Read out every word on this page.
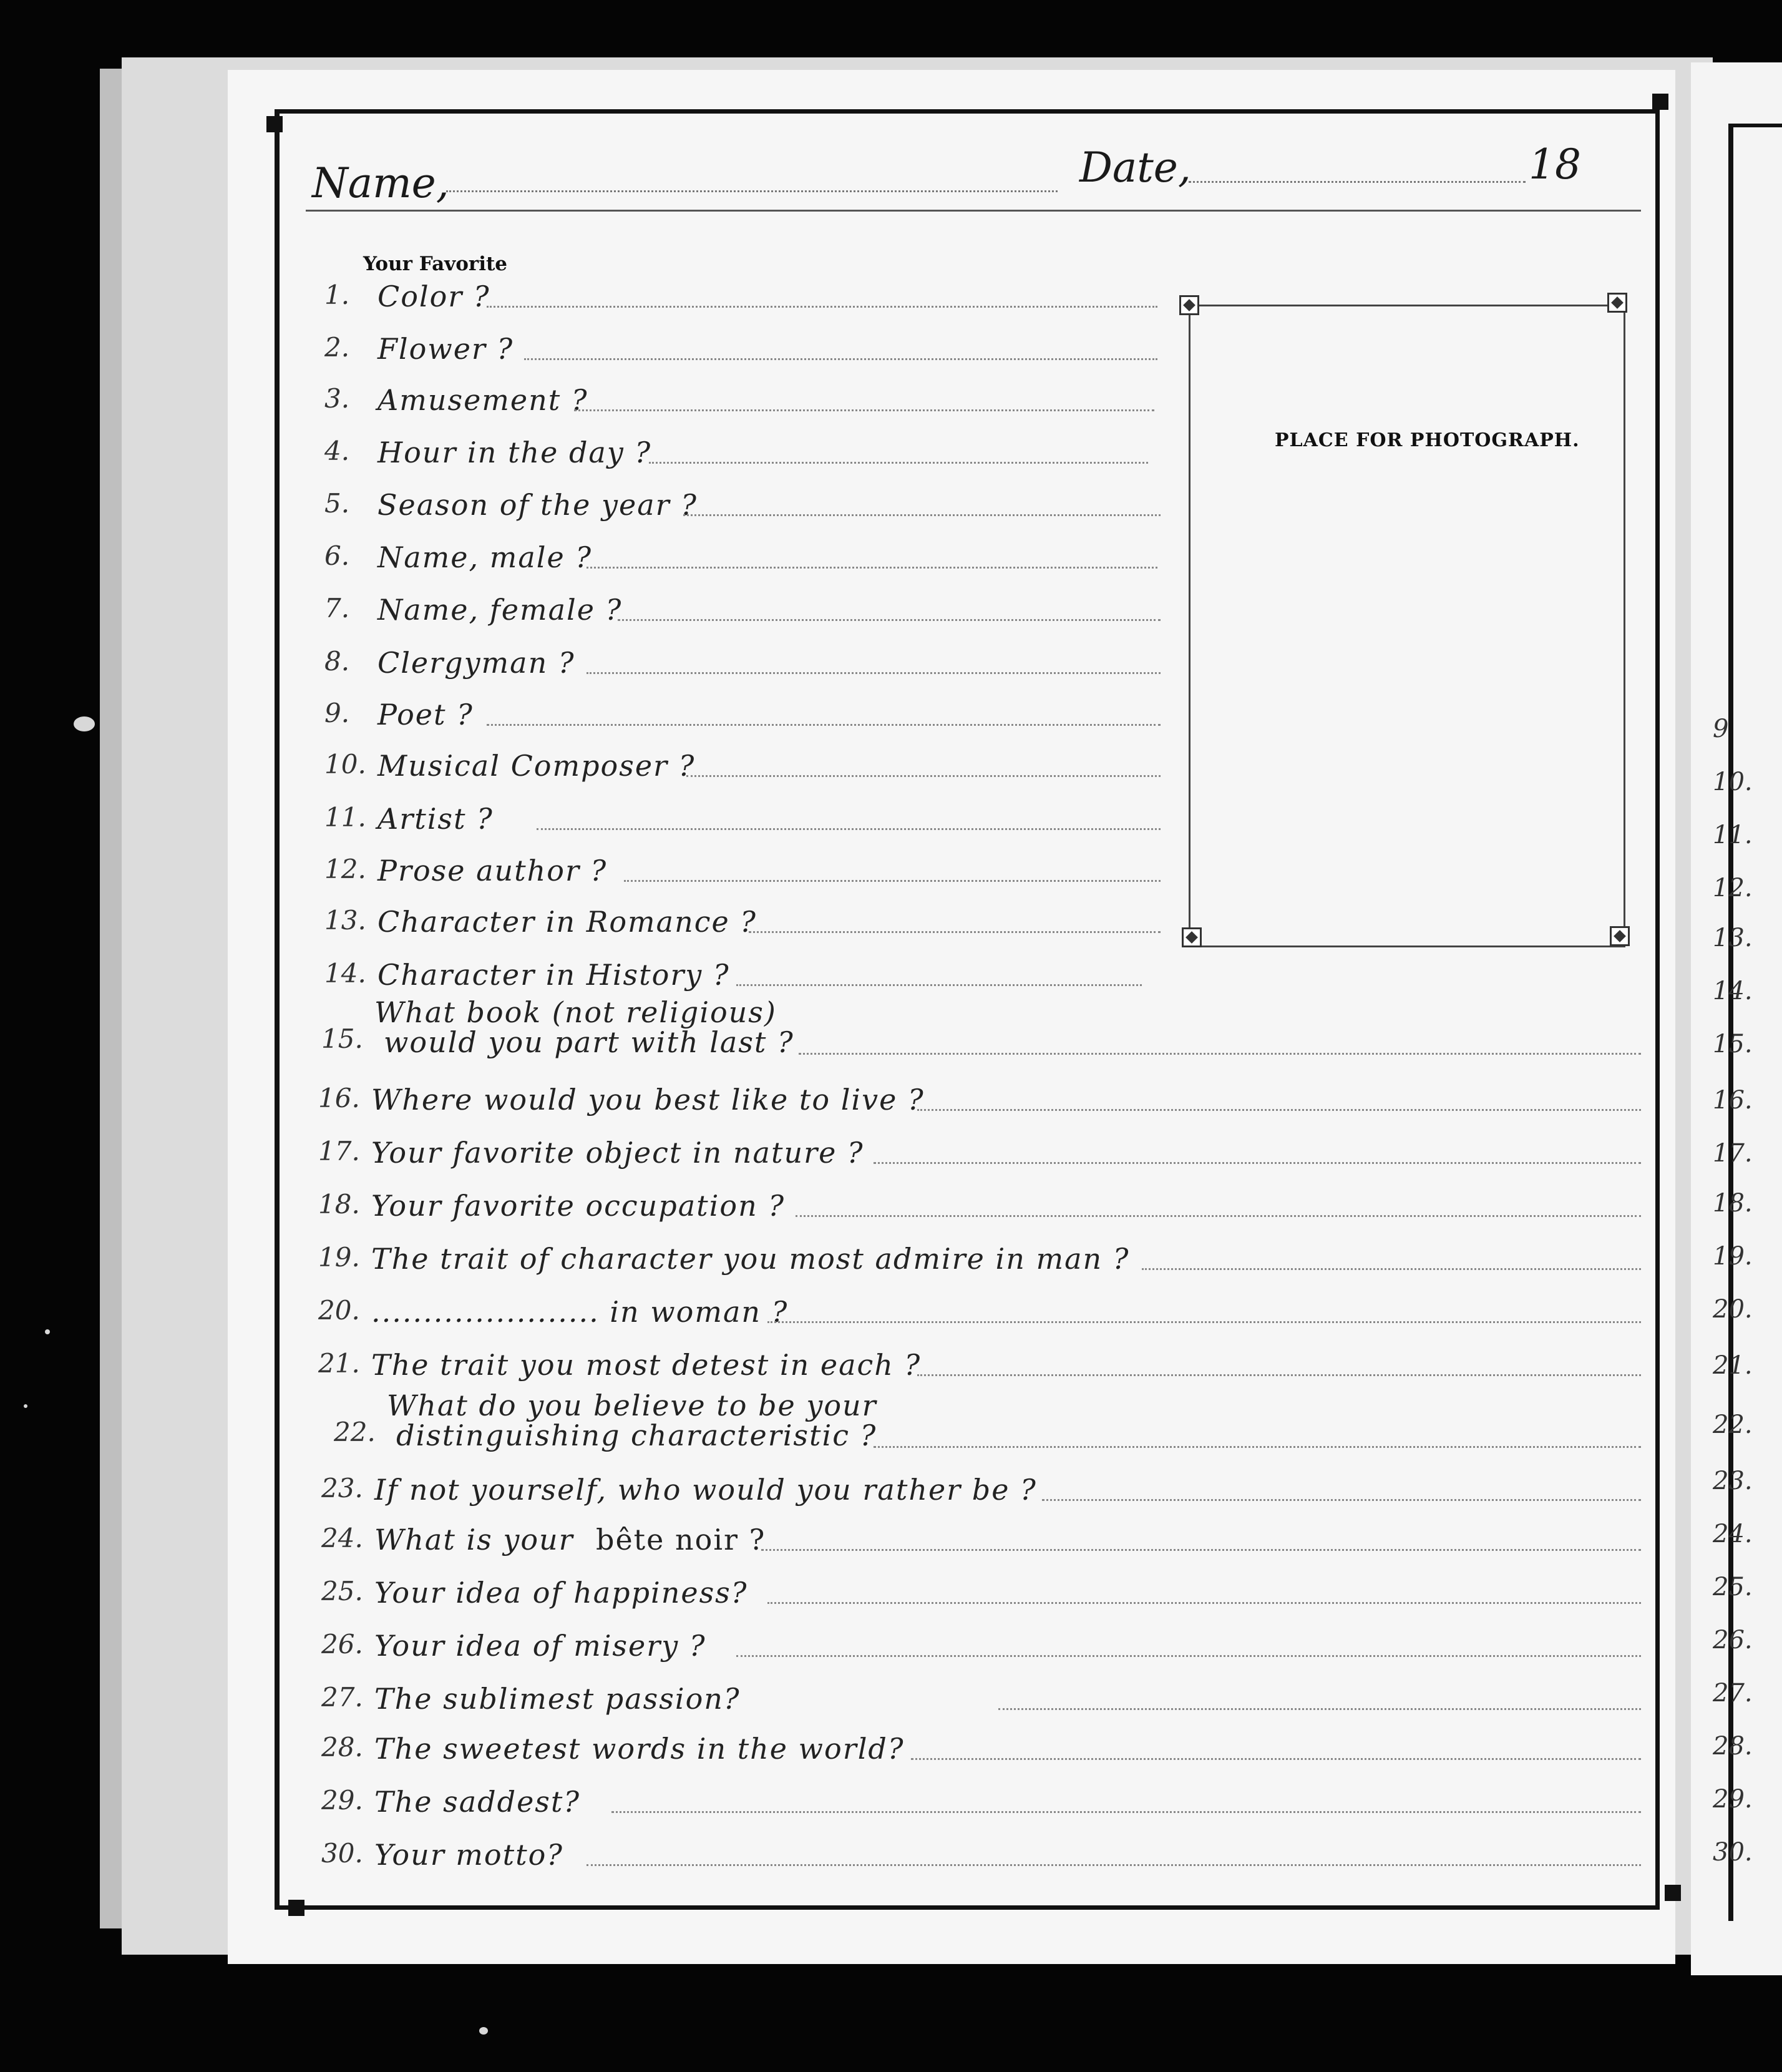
9
10.
11.
12.
13.
14.
15.
16.
17.
18.
19.
20.
21.
22.
23.
24.
25.
26.
27.
28.
29.
30.
Name,	Date,	18
Your Favorite
PLACE FOR PHOTOGRAPH.
1. Color ?
2. Flower ?
3. Amusement ?
4. Hour in the day ?
5. Season of the year ?
6. Name, male ?
7. Name, female ?
8. Clergyman ?
9. Poet ?
10. Musical Composer ?
11. Artist ?
12. Prose author ?
13. Character in Romance ?
14. Character in History ?
15.
What book (not religious)
would you part with last ?
16. Where would you best like to live ?
17. Your favorite object in nature ?
18. Your favorite occupation ?
19. The trait of character you most admire in man ?
20. ...................... in woman ?
21. The trait you most detest in each ?
22.
What do you believe to be your
distinguishing characteristic ?
23. If not yourself, who would you rather be ?
24. What is your bête noir ?
25. Your idea of happiness?
26. Your idea of misery ?
27. The sublimest passion?
28. The sweetest words in the world?
29. The saddest?
30. Your motto?
